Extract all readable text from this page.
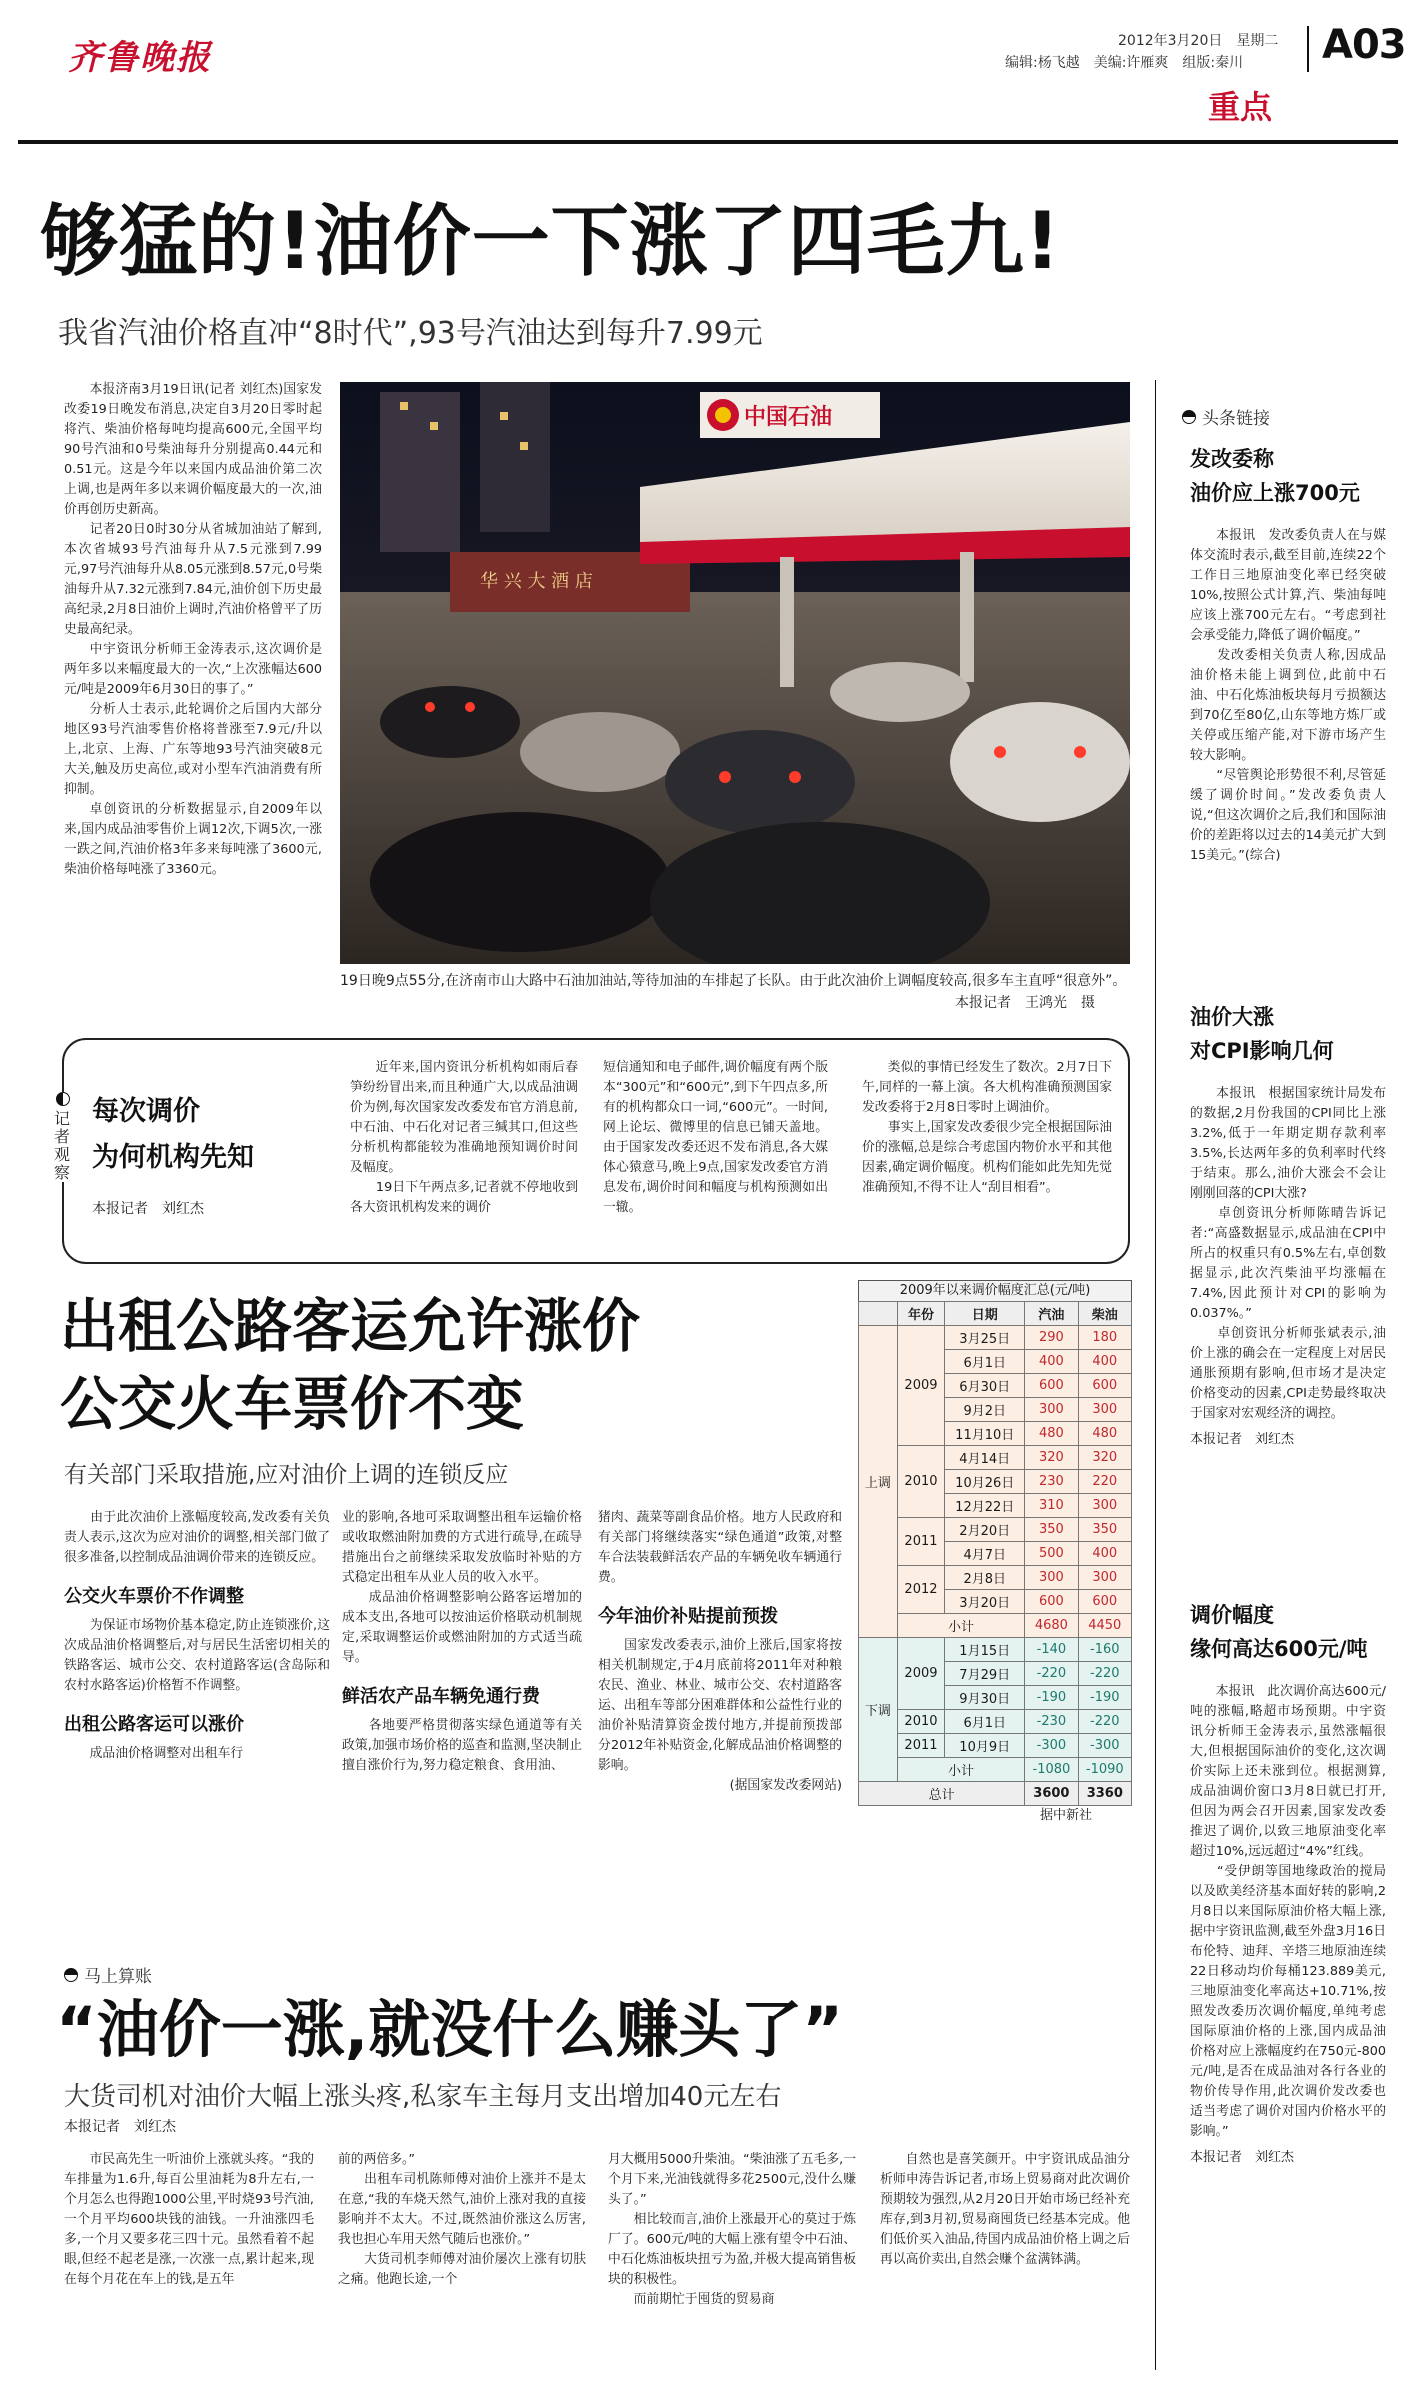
齐鲁晚报	2012年3月20日　星期二
编辑:杨飞越　美编:许雁爽　组版:秦川 A03
重点
够猛的!油价一下涨了四毛九!
我省汽油价格直冲“8时代”,93号汽油达到每升7.99元

本报济南3月19日讯(记者 刘红杰)国家发改委19日晚发布消息,决定自3月20日零时起将汽、柴油价格每吨均提高600元,全国平均90号汽油和0号柴油每升分别提高0.44元和0.51元。这是今年以来国内成品油价第二次上调,也是两年多以来调价幅度最大的一次,油价再创历史新高。

记者20日0时30分从省城加油站了解到,本次省城93号汽油每升从7.5元涨到7.99元,97号汽油每升从8.05元涨到8.57元,0号柴油每升从7.32元涨到7.84元,油价创下历史最高纪录,2月8日油价上调时,汽油价格曾平了历史最高纪录。

中宇资讯分析师王金涛表示,这次调价是两年多以来幅度最大的一次,“上次涨幅达600元/吨是2009年6月30日的事了。”

分析人士表示,此轮调价之后国内大部分地区93号汽油零售价格将普涨至7.9元/升以上,北京、上海、广东等地93号汽油突破8元大关,触及历史高位,或对小型车汽油消费有所抑制。

卓创资讯的分析数据显示,自2009年以来,国内成品油零售价上调12次,下调5次,一涨一跌之间,汽油价格3年多来每吨涨了3600元,柴油价格每吨涨了3360元。

华 兴 大 酒 店
中国石油
19日晚9点55分,在济南市山大路中石油加油站,等待加油的车排起了长队。由于此次油价上调幅度较高,很多车主直呼“很意外”。
本报记者　王鸿光　摄
记者观察
每次调价
为何机构先知
本报记者　刘红杰
近年来,国内资讯分析机构如雨后春笋纷纷冒出来,而且种通广大,以成品油调价为例,每次国家发改委发布官方消息前,中石油、中石化对记者三缄其口,但这些分析机构都能较为准确地预知调价时间及幅度。
　　19日下午两点多,记者就不停地收到各大资讯机构发来的调价
短信通知和电子邮件,调价幅度有两个版本“300元”和“600元”,到下午四点多,所有的机构都众口一词,“600元”。一时间,网上论坛、微博里的信息已铺天盖地。由于国家发改委还迟不发布消息,各大媒体心猿意马,晚上9点,国家发改委官方消息发布,调价时间和幅度与机构预测如出一辙。
类似的事情已经发生了数次。2月7日下午,同样的一幕上演。各大机构准确预测国家发改委将于2月8日零时上调油价。
　　事实上,国家发改委很少完全根据国际油价的涨幅,总是综合考虑国内物价水平和其他因素,确定调价幅度。机构们能如此先知先觉准确预知,不得不让人“刮目相看”。
出租公路客运允许涨价
公交火车票价不变
有关部门采取措施,应对油价上调的连锁反应

　　由于此次油价上涨幅度较高,发改委有关负责人表示,这次为应对油价的调整,相关部门做了很多准备,以控制成品油调价带来的连锁反应。

公交火车票价不作调整

　　为保证市场物价基本稳定,防止连锁涨价,这次成品油价格调整后,对与居民生活密切相关的铁路客运、城市公交、农村道路客运(含岛际和农村水路客运)价格暂不作调整。

出租公路客运可以涨价

　　成品油价格调整对出租车行

业的影响,各地可采取调整出租车运输价格或收取燃油附加费的方式进行疏导,在疏导措施出台之前继续采取发放临时补贴的方式稳定出租车从业人员的收入水平。
　　成品油价格调整影响公路客运增加的成本支出,各地可以按油运价格联动机制规定,采取调整运价或燃油附加的方式适当疏导。

鲜活农产品车辆免通行费

　　各地要严格贯彻落实绿色通道等有关政策,加强市场价格的巡查和监测,坚决制止擅自涨价行为,努力稳定粮食、食用油、

猪肉、蔬菜等副食品价格。地方人民政府和有关部门将继续落实“绿色通道”政策,对整车合法装载鲜活农产品的车辆免收车辆通行费。

今年油价补贴提前预拨

　　国家发改委表示,油价上涨后,国家将按相关机制规定,于4月底前将2011年对种粮农民、渔业、林业、城市公交、农村道路客运、出租车等部分困难群体和公益性行业的油价补贴清算资金拨付地方,并提前预拨部分2012年补贴资金,化解成品油价格调整的影响。

(据国家发改委网站)
2009年以来调价幅度汇总(元/吨)
	年份	日期	汽油	柴油
上调	2009	3月25日	290	180
		6月1日	400	400
		6月30日	600	600
		9月2日	300	300
		11月10日	480	480
	2010	4月14日	320	320
		10月26日	230	220
		12月22日	310	300
	2011	2月20日	350	350
		4月7日	500	400
	2012	2月8日	300	300
		3月20日	600	600
	小计		4680	4450
下调	2009	1月15日	-140	-160
		7月29日	-220	-220
		9月30日	-190	-190
	2010	6月1日	-230	-220
	2011	10月9日	-300	-300
	小计		-1080	-1090
总计			3600	3360
据中新社
马上算账
“油价一涨,就没什么赚头了”
大货司机对油价大幅上涨头疼,私家车主每月支出增加40元左右
本报记者　刘红杰
　　市民高先生一听油价上涨就头疼。“我的车排量为1.6升,每百公里油耗为8升左右,一个月怎么也得跑1000公里,平时烧93号汽油,一个月平均600块钱的油钱。一升油涨四毛多,一个月又要多花三四十元。虽然看着不起眼,但经不起老是涨,一次涨一点,累计起来,现在每个月花在车上的钱,是五年
前的两倍多。”
　　出租车司机陈师傅对油价上涨并不是太在意,“我的车烧天然气,油价上涨对我的直接影响并不太大。不过,既然油价涨这么厉害,我也担心车用天然气随后也涨价。”
　　大货司机李师傅对油价屡次上涨有切肤之痛。他跑长途,一个
月大概用5000升柴油。“柴油涨了五毛多,一个月下来,光油钱就得多花2500元,没什么赚头了。”
　　相比较而言,油价上涨最开心的莫过于炼厂了。600元/吨的大幅上涨有望令中石油、中石化炼油板块扭亏为盈,并极大提高销售板块的积极性。
　　而前期忙于囤货的贸易商
自然也是喜笑颜开。中宇资讯成品油分析师申涛告诉记者,市场上贸易商对此次调价预期较为强烈,从2月20日开始市场已经补充库存,到3月初,贸易商囤货已经基本完成。他们低价买入油品,待国内成品油价格上调之后再以高价卖出,自然会赚个盆满钵满。
头条链接
发改委称
油价应上涨700元
　　本报讯　发改委负责人在与媒体交流时表示,截至目前,连续22个工作日三地原油变化率已经突破10%,按照公式计算,汽、柴油每吨应该上涨700元左右。“考虑到社会承受能力,降低了调价幅度。”
　　发改委相关负责人称,因成品油价格未能上调到位,此前中石油、中石化炼油板块每月亏损额达到70亿至80亿,山东等地方炼厂或关停或压缩产能,对下游市场产生较大影响。
　　“尽管舆论形势很不利,尽管延缓了调价时间。”发改委负责人说,“但这次调价之后,我们和国际油价的差距将以过去的14美元扩大到15美元。”(综合)
油价大涨
对CPI影响几何
　　本报讯　根据国家统计局发布的数据,2月份我国的CPI同比上涨3.2%,低于一年期定期存款利率3.5%,长达两年多的负利率时代终于结束。那么,油价大涨会不会让刚刚回落的CPI大涨?
　　卓创资讯分析师陈晴告诉记者:“高盛数据显示,成品油在CPI中所占的权重只有0.5%左右,卓创数据显示,此次汽柴油平均涨幅在7.4%,因此预计对CPI的影响为0.037%。”
　　卓创资讯分析师张斌表示,油价上涨的确会在一定程度上对居民通胀预期有影响,但市场才是决定价格变动的因素,CPI走势最终取决于国家对宏观经济的调控。
本报记者　刘红杰
调价幅度
缘何高达600元/吨
　　本报讯　此次调价高达600元/吨的涨幅,略超市场预期。中宇资讯分析师王金涛表示,虽然涨幅很大,但根据国际油价的变化,这次调价实际上还未涨到位。根据测算,成品油调价窗口3月8日就已打开,但因为两会召开因素,国家发改委推迟了调价,以致三地原油变化率超过10%,远远超过“4%”红线。
　　“受伊朗等国地缘政治的搅局以及欧美经济基本面好转的影响,2月8日以来国际原油价格大幅上涨,据中宇资讯监测,截至外盘3月16日布伦特、迪拜、辛塔三地原油连续22日移动均价每桶123.889美元,三地原油变化率高达+10.71%,按照发改委历次调价幅度,单纯考虑国际原油价格的上涨,国内成品油价格对应上涨幅度约在750元-800元/吨,是否在成品油对各行各业的物价传导作用,此次调价发改委也适当考虑了调价对国内价格水平的影响。”
本报记者　刘红杰
